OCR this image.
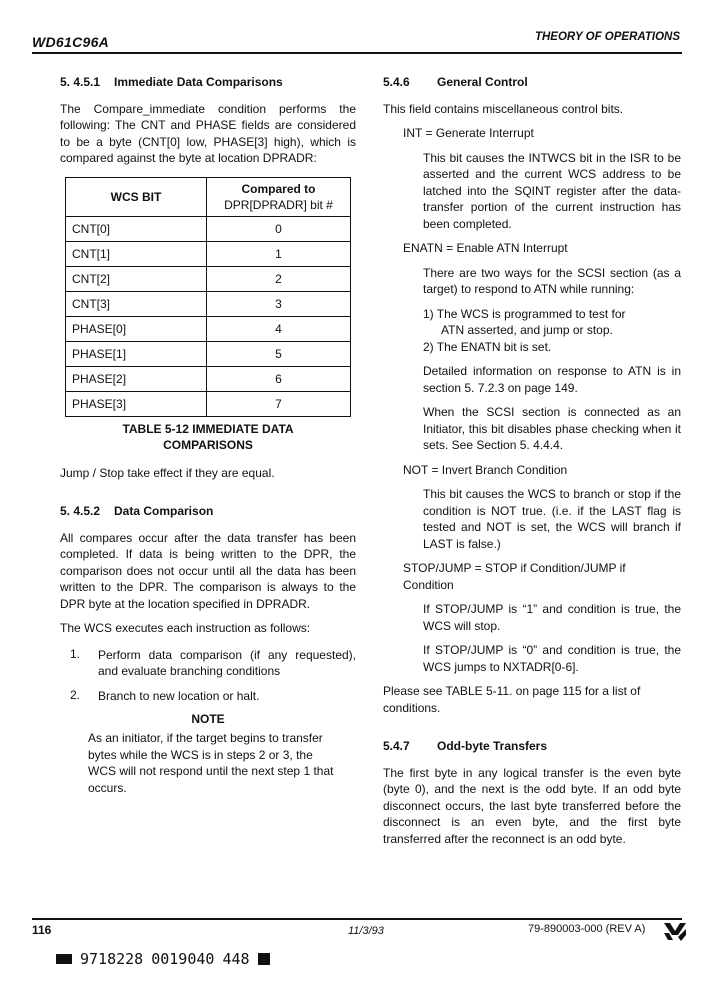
WD61C96A	THEORY OF OPERATIONS

5. 4.5.1 Immediate Data Comparisons

The Compare_immediate condition performs the following: The CNT and PHASE fields are considered to be a byte (CNT[0] low, PHASE[3] high), which is compared against the byte at location DPRADR:

WCS BIT	Compared to
DPR[DPRADR] bit #

CNT[0]	0
CNT[1]	1
CNT[2]	2
CNT[3]	3
PHASE[0]	4
PHASE[1]	5
PHASE[2]	6
PHASE[3]	7
TABLE 5-12 IMMEDIATE DATA
COMPARISONS

Jump / Stop take effect if they are equal.

5. 4.5.2 Data Comparison

All compares occur after the data transfer has been completed. If data is being written to the DPR, the comparison does not occur until all the data has been written to the DPR. The comparison is always to the DPR byte at the location specified in DPRADR.

The WCS executes each instruction as follows:

1.	Perform data comparison (if any requested), and evaluate branching conditions

2.	Branch to new location or halt.

NOTE

As an initiator, if the target begins to transfer bytes while the WCS is in steps 2 or 3, the WCS will not respond until the next step 1 that occurs.

5.4.6 General Control

This field contains miscellaneous control bits.

INT = Generate Interrupt

This bit causes the INTWCS bit in the ISR to be asserted and the current WCS address to be latched into the SQINT register after the data-transfer portion of the current instruction has been completed.

ENATN = Enable ATN Interrupt

There are two ways for the SCSI section (as a target) to respond to ATN while running:

1) The WCS is programmed to test for

ATN asserted, and jump or stop.

2) The ENATN bit is set.

Detailed information on response to ATN is in section 5. 7.2.3 on page 149.

When the SCSI section is connected as an Initiator, this bit disables phase checking when it sets. See Section 5. 4.4.4.

NOT = Invert Branch Condition

This bit causes the WCS to branch or stop if the condition is NOT true. (i.e. if the LAST flag is tested and NOT is set, the WCS will branch if LAST is false.)

STOP/JUMP = STOP if Condition/JUMP if Condition

If STOP/JUMP is “1” and condition is true, the WCS will stop.

If STOP/JUMP is “0” and condition is true, the WCS jumps to NXTADR[0-6].

Please see TABLE 5-11. on page 115 for a list of conditions.

5.4.7 Odd-byte Transfers

The first byte in any logical transfer is the even byte (byte 0), and the next is the odd byte. If an odd byte disconnect occurs, the last byte transferred before the disconnect is an even byte, and the first byte transferred after the reconnect is an odd byte.

116	11/3/93	79-890003-000 (REV A)
9718228 0019040 448
